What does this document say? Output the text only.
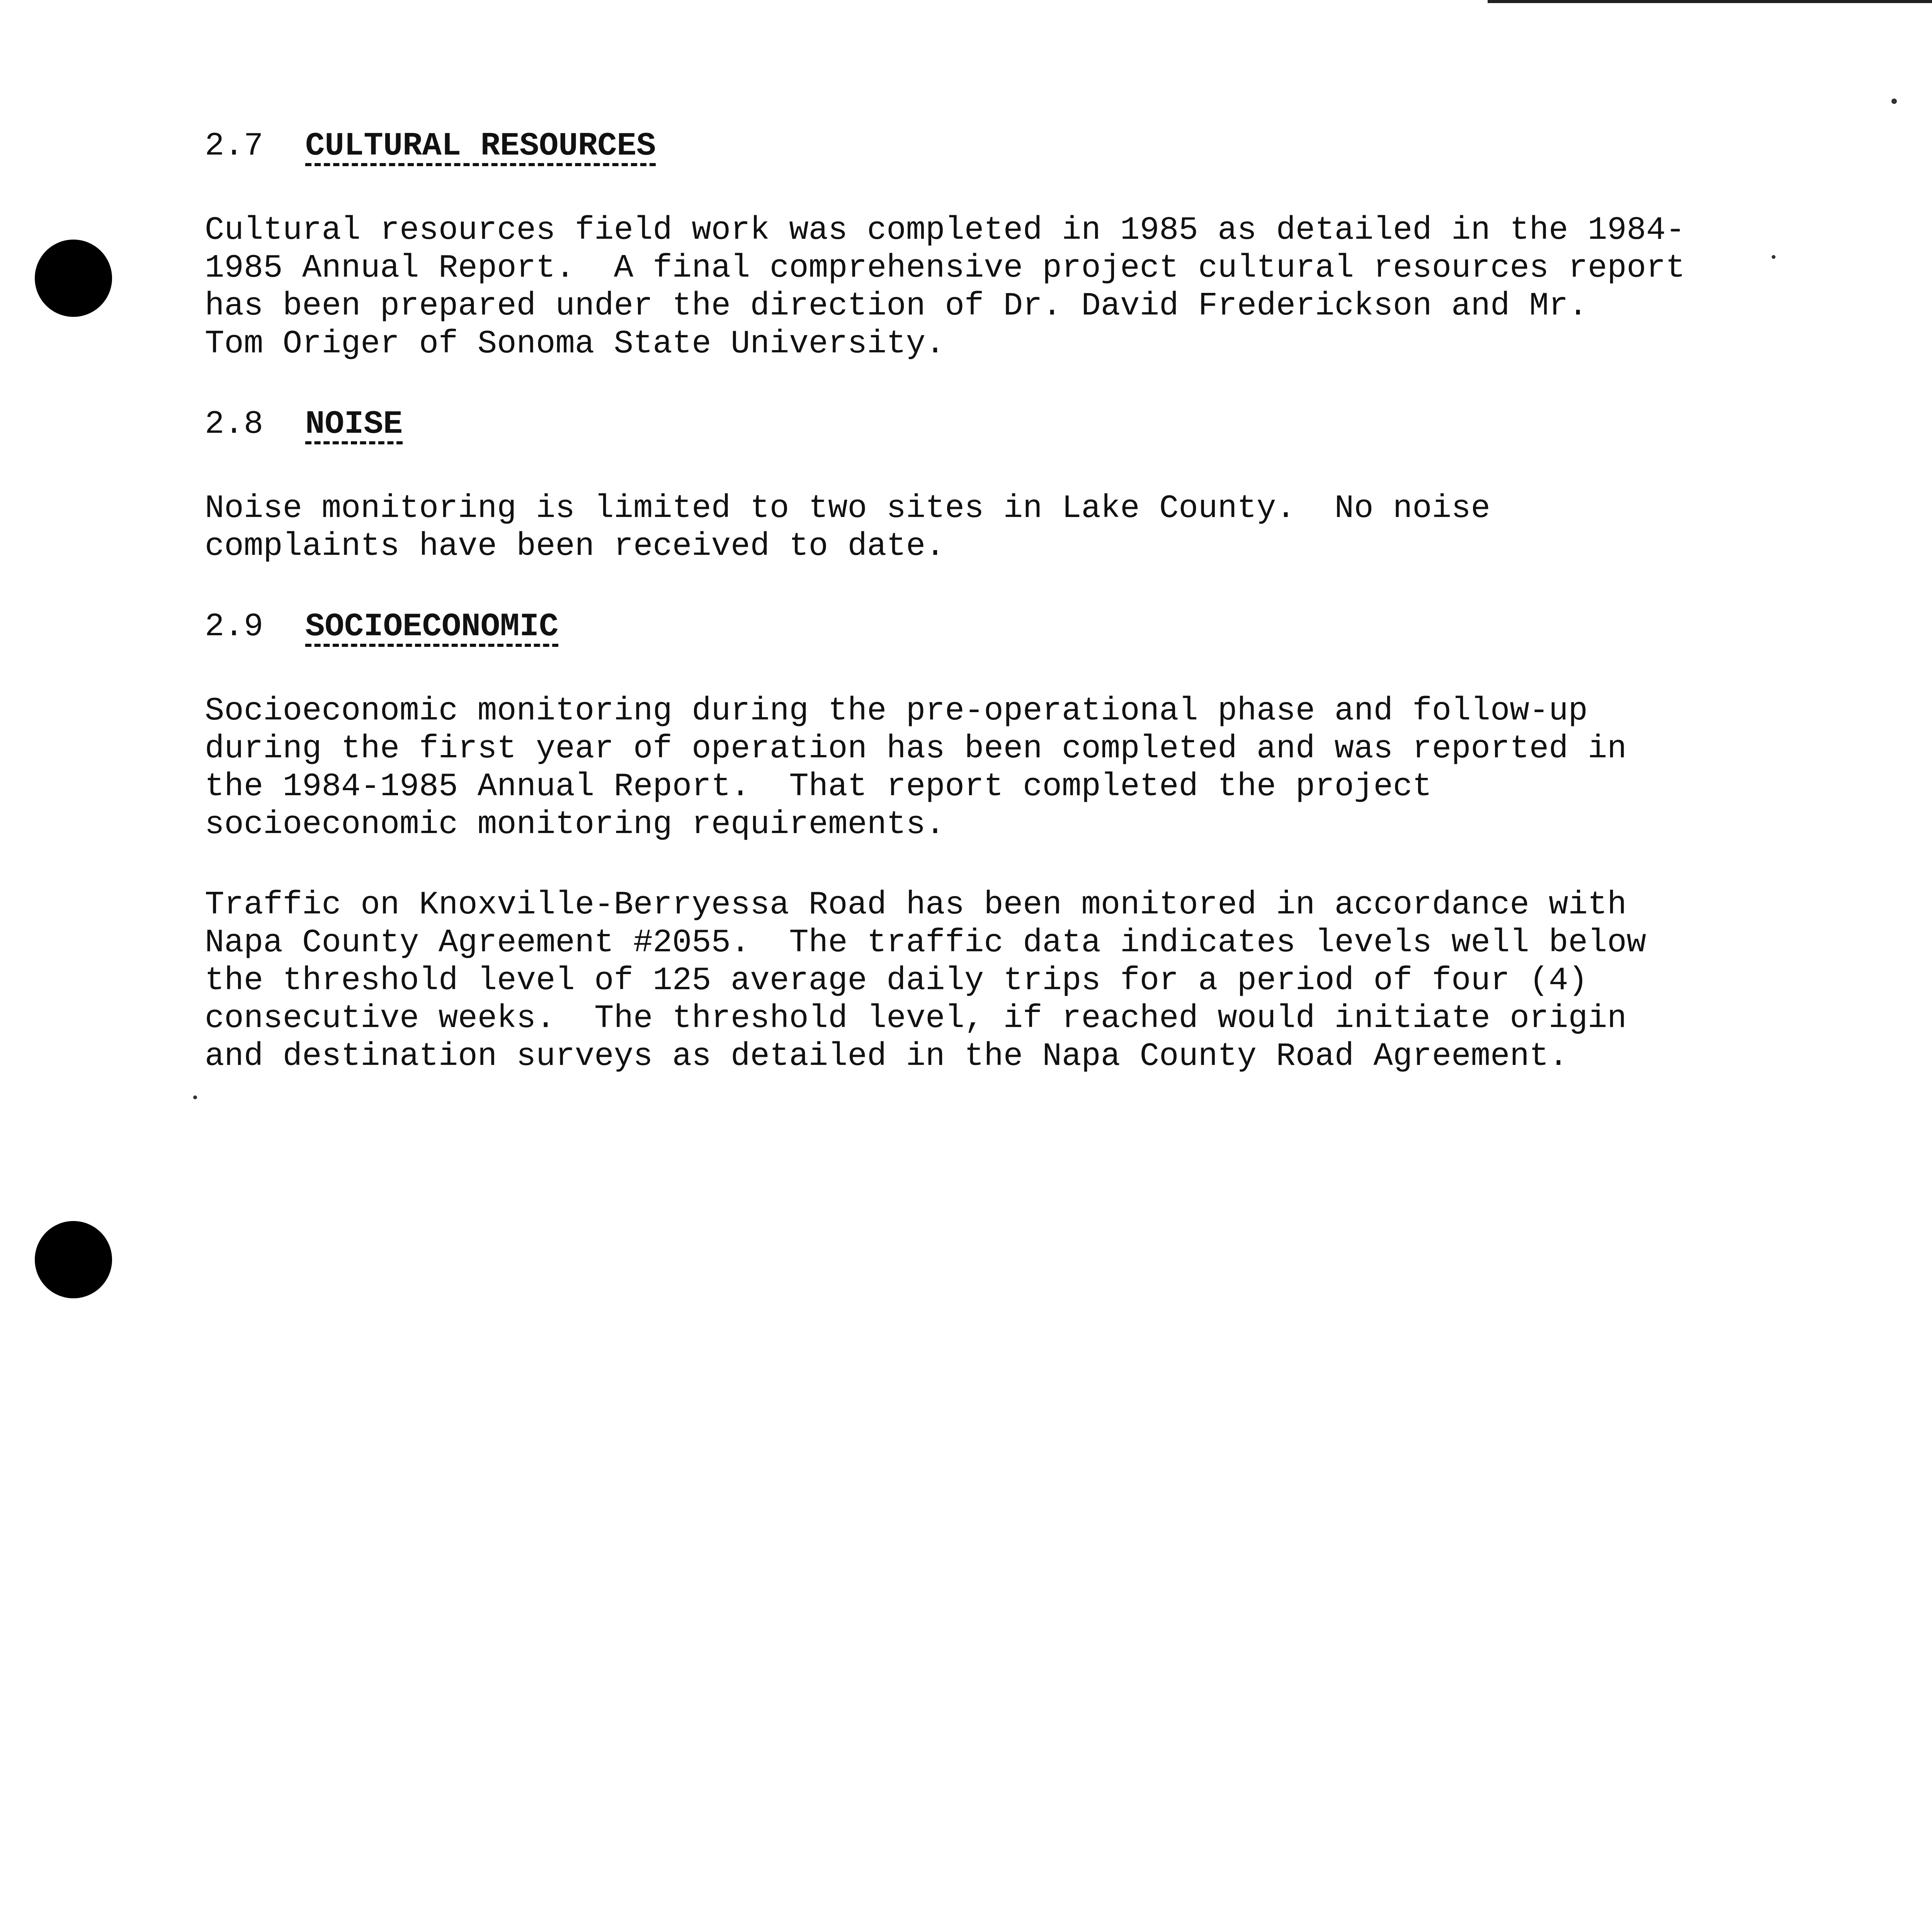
2.7 CULTURAL RESOURCES
Cultural resources field work was completed in 1985 as detailed in the 1984-
1985 Annual Report.  A final comprehensive project cultural resources report
has been prepared under the direction of Dr. David Frederickson and Mr.
Tom Origer of Sonoma State University.
2.8 NOISE
Noise monitoring is limited to two sites in Lake County.  No noise
complaints have been received to date.
2.9 SOCIOECONOMIC
Socioeconomic monitoring during the pre-operational phase and follow-up
during the first year of operation has been completed and was reported in
the 1984-1985 Annual Report.  That report completed the project
socioeconomic monitoring requirements.
Traffic on Knoxville-Berryessa Road has been monitored in accordance with
Napa County Agreement #2055.  The traffic data indicates levels well below
the threshold level of 125 average daily trips for a period of four (4)
consecutive weeks.  The threshold level, if reached would initiate origin
and destination surveys as detailed in the Napa County Road Agreement.
